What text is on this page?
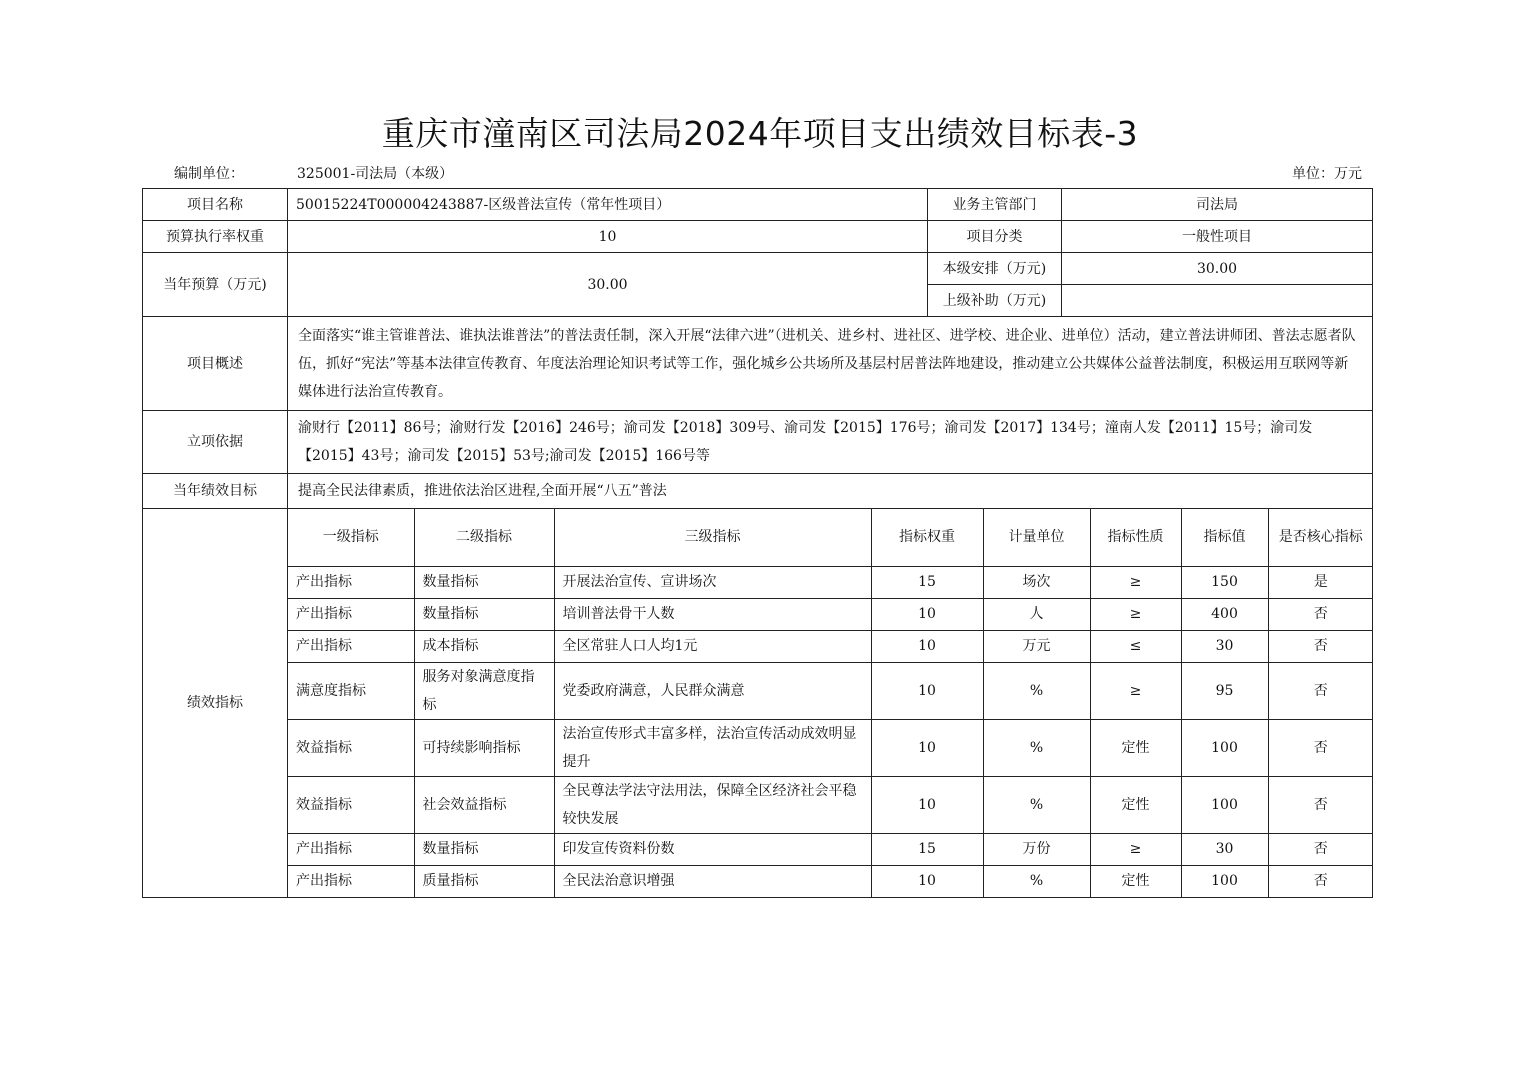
重庆市潼南区司法局2024年项目支出绩效目标表-3
编制单位：	325001-司法局（本级）	单位：万元
项目名称	50015224T000004243887-区级普法宣传（常年性项目）	业务主管部门	司法局
预算执行率权重	10	项目分类	一般性项目
当年预算（万元)	30.00	本级安排（万元)	30.00
上级补助（万元)	
项目概述	全面落实“谁主管谁普法、谁执法谁普法”的普法责任制，深入开展“法律六进”（进机关、进乡村、进社区、进学校、进企业、进单位）活动，建立普法讲师团、普法志愿者队伍，抓好“宪法”等基本法律宣传教育、年度法治理论知识考试等工作，强化城乡公共场所及基层村居普法阵地建设，推动建立公共媒体公益普法制度，积极运用互联网等新媒体进行法治宣传教育。
立项依据	渝财行【2011】86号；渝财行发【2016】246号；渝司发【2018】309号、渝司发【2015】176号；渝司发【2017】134号；潼南人发【2011】15号；渝司发【2015】43号；渝司发【2015】53号;渝司发【2015】166号等
当年绩效目标	提高全民法律素质，推进依法治区进程,全面开展“八五”普法
绩效指标	
一级指标	二级指标	三级指标	指标权重	计量单位	指标性质	指标值	是否核心指标
产出指标	数量指标	开展法治宣传、宣讲场次	15	场次	≥	150	是
产出指标	数量指标	培训普法骨干人数	10	人	≥	400	否
产出指标	成本指标	全区常驻人口人均1元	10	万元	≤	30	否
满意度指标	服务对象满意度指标	党委政府满意，人民群众满意	10	%	≥	95	否
效益指标	可持续影响指标	法治宣传形式丰富多样，法治宣传活动成效明显提升	10	%	定性	100	否
效益指标	社会效益指标	全民尊法学法守法用法，保障全区经济社会平稳较快发展	10	%	定性	100	否
产出指标	数量指标	印发宣传资料份数	15	万份	≥	30	否
产出指标	质量指标	全民法治意识增强	10	%	定性	100	否
